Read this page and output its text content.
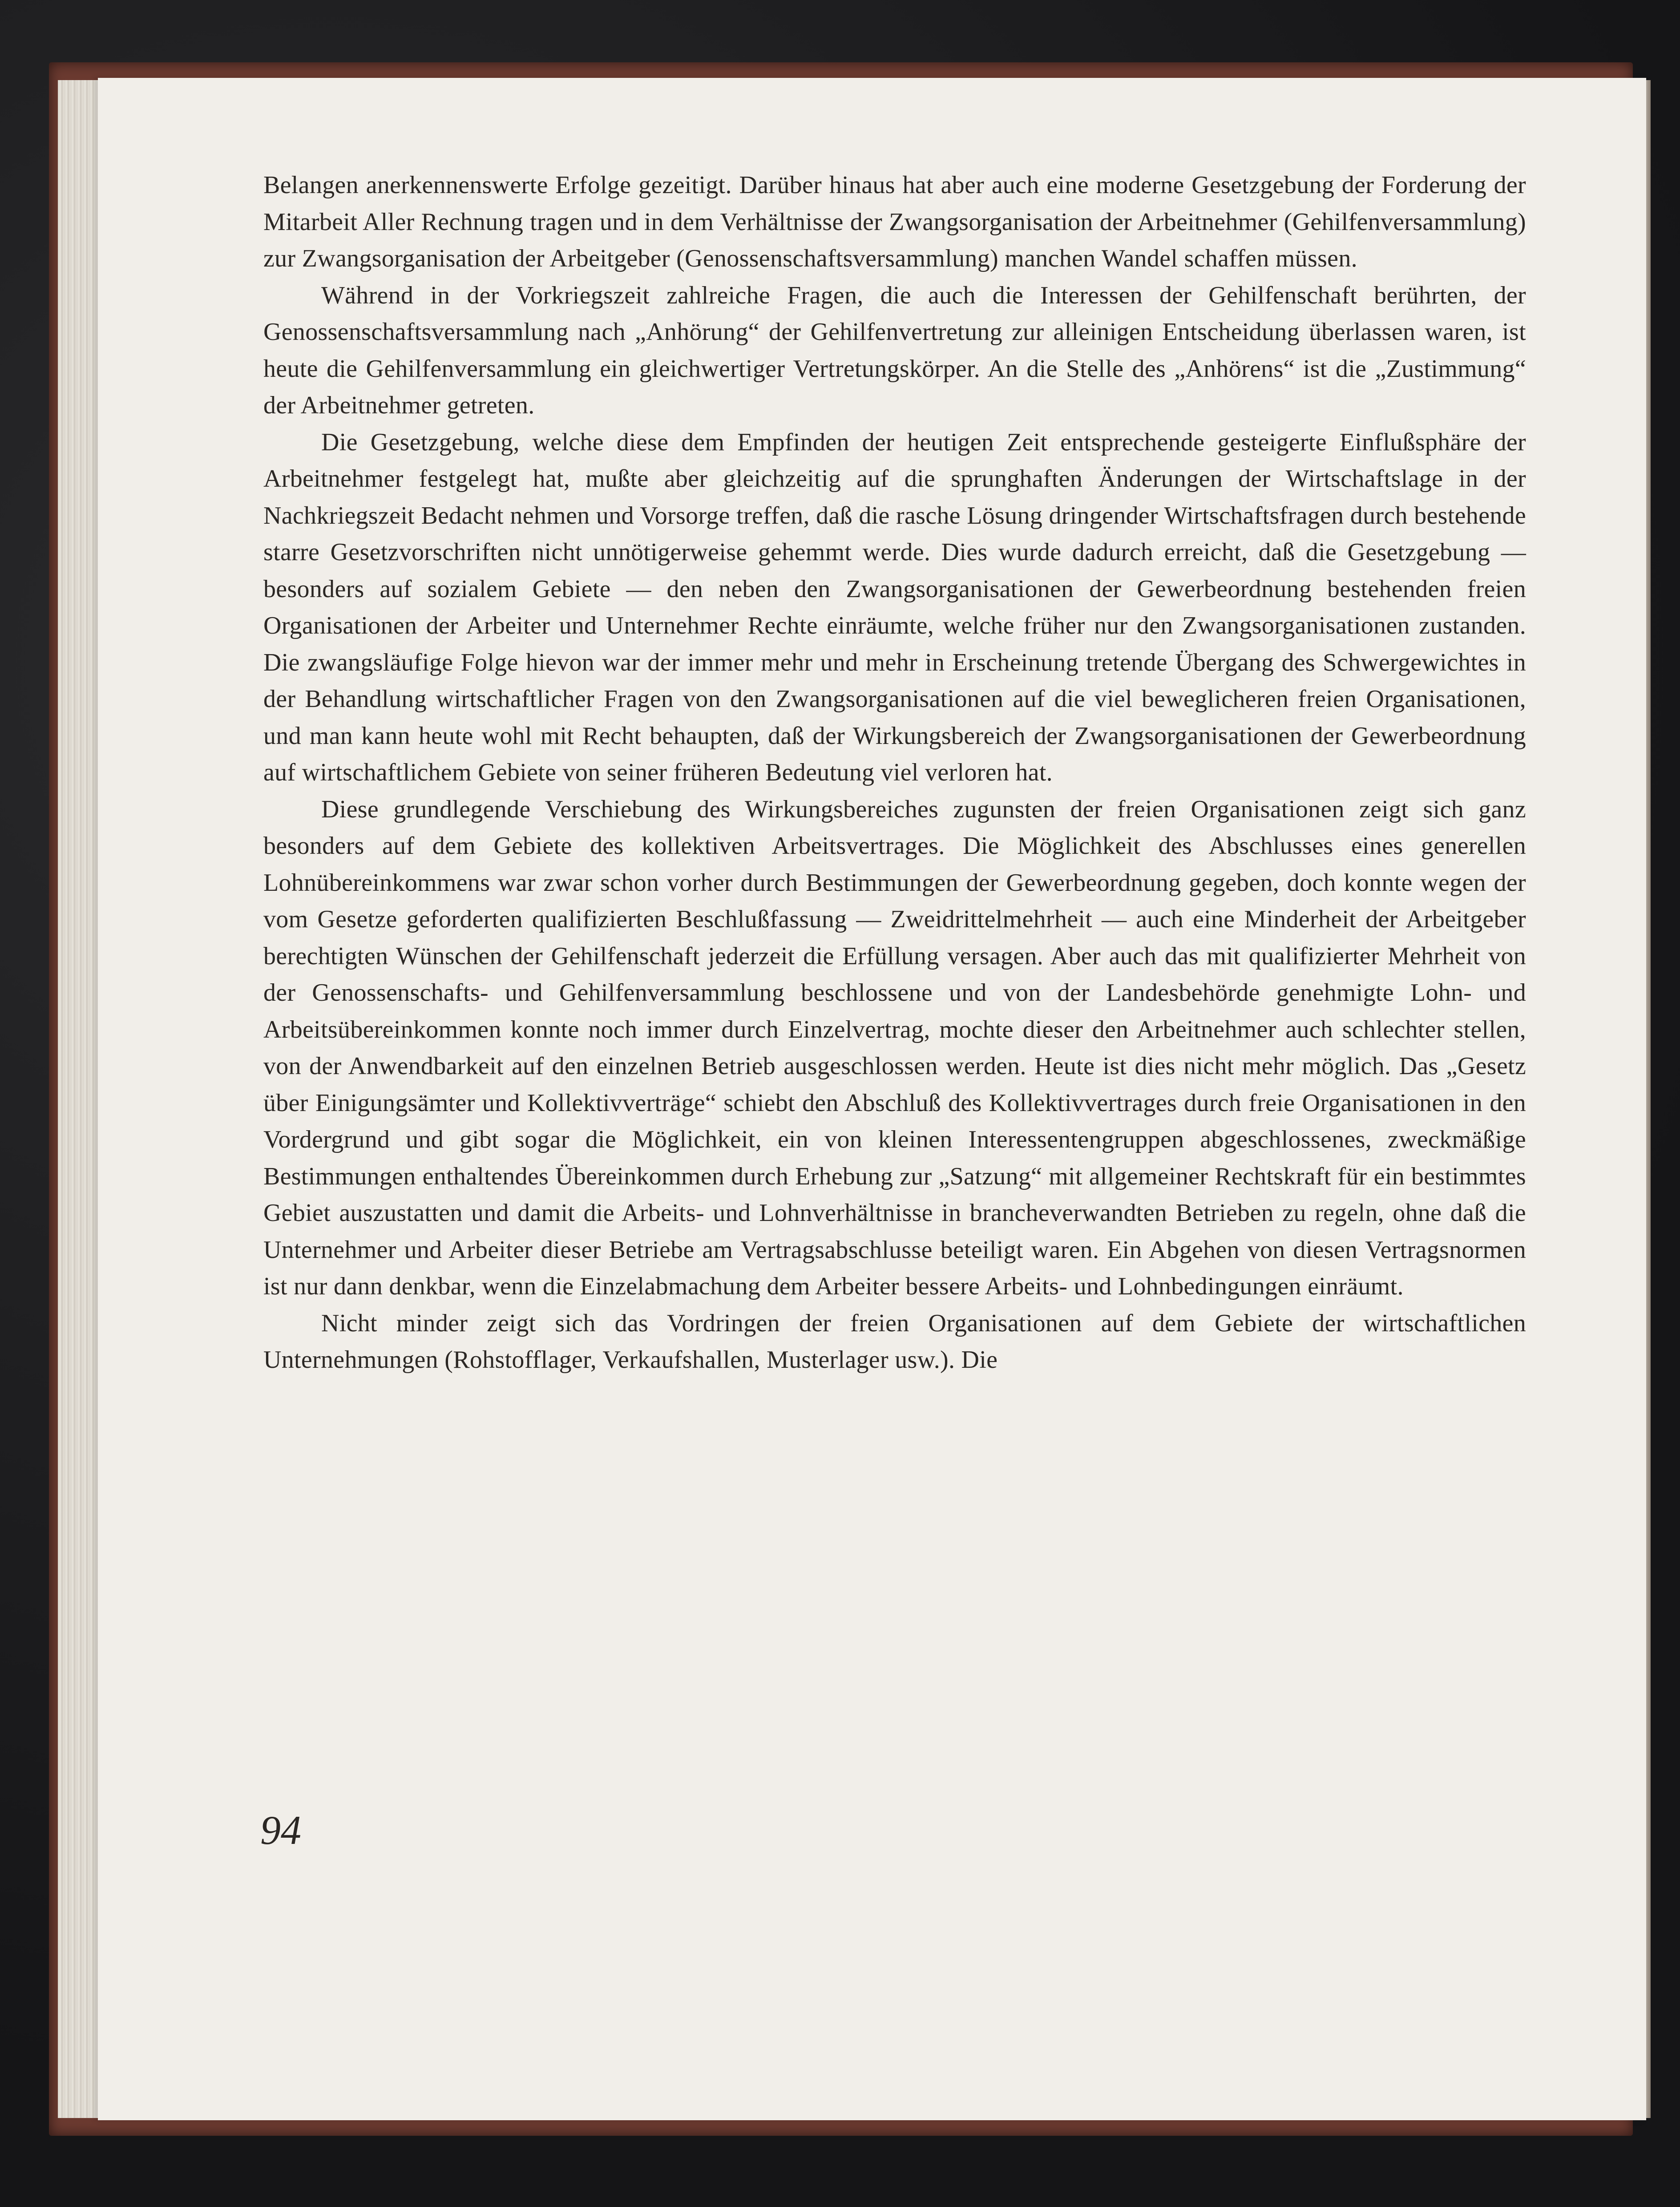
Belangen anerkennenswerte Erfolge gezeitigt. Darüber hinaus hat aber auch eine moderne Gesetzgebung der Forderung der Mitarbeit Aller Rechnung tragen und in dem Verhältnisse der Zwangsorganisation der Arbeitnehmer (Gehilfenversammlung) zur Zwangsorganisation der Arbeitgeber (Genossenschaftsversammlung) manchen Wandel schaffen müssen.

Während in der Vorkriegszeit zahlreiche Fragen, die auch die Interessen der Gehilfenschaft berührten, der Genossenschaftsversammlung nach „Anhörung“ der Gehilfenvertretung zur alleinigen Entscheidung überlassen waren, ist heute die Gehilfenversammlung ein gleichwertiger Vertretungskörper. An die Stelle des „Anhörens“ ist die „Zustimmung“ der Arbeitnehmer getreten.

Die Gesetzgebung, welche diese dem Empfinden der heutigen Zeit entsprechende gesteigerte Einflußsphäre der Arbeitnehmer festgelegt hat, mußte aber gleichzeitig auf die sprunghaften Änderungen der Wirtschaftslage in der Nachkriegszeit Bedacht nehmen und Vorsorge treffen, daß die rasche Lösung dringender Wirtschaftsfragen durch bestehende starre Gesetzvorschriften nicht unnötigerweise gehemmt werde. Dies wurde dadurch erreicht, daß die Gesetzgebung — besonders auf sozialem Gebiete — den neben den Zwangsorganisationen der Gewerbeordnung bestehenden freien Organisationen der Arbeiter und Unternehmer Rechte einräumte, welche früher nur den Zwangsorganisationen zustanden. Die zwangsläufige Folge hievon war der immer mehr und mehr in Erscheinung tretende Übergang des Schwergewichtes in der Behandlung wirtschaftlicher Fragen von den Zwangsorganisationen auf die viel beweglicheren freien Organisationen, und man kann heute wohl mit Recht behaupten, daß der Wirkungsbereich der Zwangsorganisationen der Gewerbeordnung auf wirtschaftlichem Gebiete von seiner früheren Bedeutung viel verloren hat.

Diese grundlegende Verschiebung des Wirkungsbereiches zugunsten der freien Organisationen zeigt sich ganz besonders auf dem Gebiete des kollektiven Arbeitsvertrages. Die Möglichkeit des Abschlusses eines generellen Lohnübereinkommens war zwar schon vorher durch Bestimmungen der Gewerbeordnung gegeben, doch konnte wegen der vom Gesetze geforderten qualifizierten Beschlußfassung — Zweidrittelmehrheit — auch eine Minderheit der Arbeitgeber berechtigten Wünschen der Gehilfenschaft jederzeit die Erfüllung versagen. Aber auch das mit qualifizierter Mehrheit von der Genossenschafts- und Gehilfenversammlung beschlossene und von der Landesbehörde genehmigte Lohn- und Arbeitsübereinkommen konnte noch immer durch Einzelvertrag, mochte dieser den Arbeitnehmer auch schlechter stellen, von der Anwendbarkeit auf den einzelnen Betrieb ausgeschlossen werden. Heute ist dies nicht mehr möglich. Das „Gesetz über Einigungsämter und Kollektivverträge“ schiebt den Abschluß des Kollektivvertrages durch freie Organisationen in den Vordergrund und gibt sogar die Möglichkeit, ein von kleinen Interessentengruppen abgeschlossenes, zweckmäßige Bestimmungen enthaltendes Übereinkommen durch Erhebung zur „Satzung“ mit allgemeiner Rechtskraft für ein bestimmtes Gebiet auszustatten und damit die Arbeits- und Lohnverhältnisse in brancheverwandten Betrieben zu regeln, ohne daß die Unternehmer und Arbeiter dieser Betriebe am Vertragsabschlusse beteiligt waren. Ein Abgehen von diesen Vertragsnormen ist nur dann denkbar, wenn die Einzelabmachung dem Arbeiter bessere Arbeits- und Lohnbedingungen einräumt.

Nicht minder zeigt sich das Vordringen der freien Organisationen auf dem Gebiete der wirtschaftlichen Unternehmungen (Rohstofflager, Verkaufshallen, Musterlager usw.). Die

94
